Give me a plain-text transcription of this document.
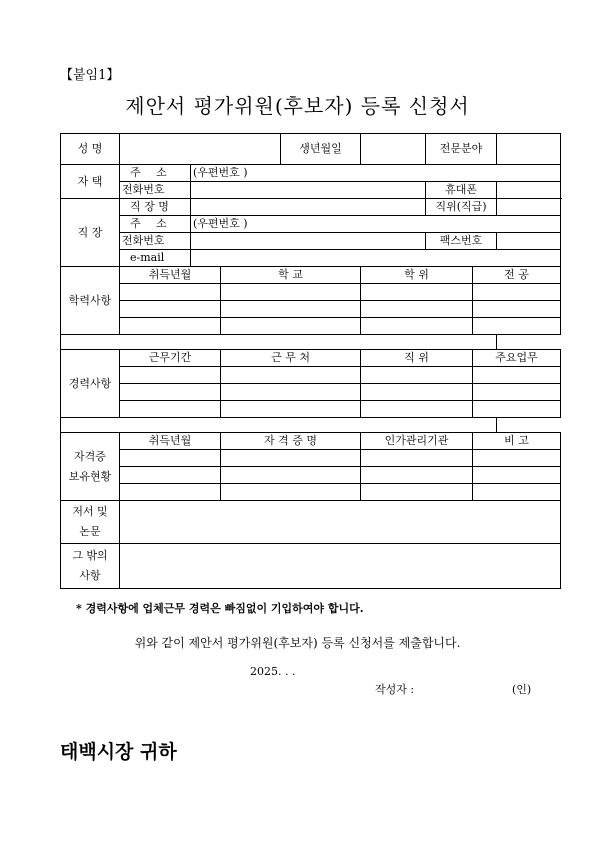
【붙임1】
제안서 평가위원(후보자) 등록 신청서
성 명				생년월일		전문분야		
자 택	주 소	(우편번호 )						
	전화번호					휴대폰		
직 장	직 장 명					직위(직급)		
	주 소	(우편번호 )						
	전화번호					팩스번호		
	e-mail							
학력사항	취득년월		학 교		학 위		전 공	

경력사항	근무기간		근 무 처		직 위		주요업무	

자격증
보유현황	취득년월		자 격 증 명		인가관리기관		비 고	

저서 및
논문								

그 밖의
사항								

* 경력사항에 업체근무 경력은 빠짐없이 기입하여야 합니다.
위와 같이 제안서 평가위원(후보자) 등록 신청서를 제출합니다.
2025. . .
작성자 :	(인)
태백시장 귀하
